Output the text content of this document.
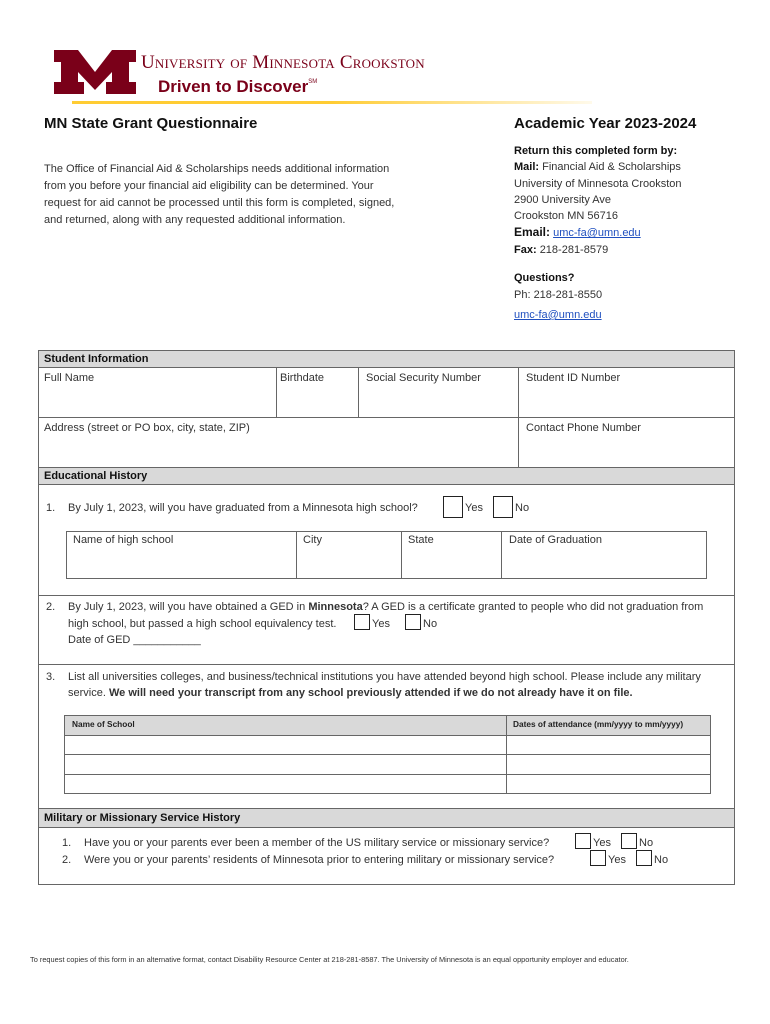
University of Minnesota Crookston
Driven to Discover℠
MN State Grant Questionnaire	Academic Year 2023-2024
The Office of Financial Aid & Scholarships needs additional information
from you before your financial aid eligibility can be determined. Your
request for aid cannot be processed until this form is completed, signed,
and returned, along with any requested additional information.
Return this completed form by:
Mail: Financial Aid & Scholarships
University of Minnesota Crookston
2900 University Ave
Crookston MN 56716
Email: umc-fa@umn.edu
Fax: 218-281-8579
Questions?
Ph: 218-281-8550
umc-fa@umn.edu
Student Information
Full Name	Birthdate	Social Security Number	Student ID Number
Address (street or PO box, city, state, ZIP)	Contact Phone Number
Educational History
1. By July 1, 2023, will you have graduated from a Minnesota high school?	Yes	No
Name of high school	City	State	Date of Graduation
2. By July 1, 2023, will you have obtained a GED in Minnesota? A GED is a certificate granted to people who did not graduation from
high school, but passed a high school equivalency test.	Yes	No
Date of GED ___________
3. List all universities colleges, and business/technical institutions you have attended beyond high school. Please include any military
service. We will need your transcript from any school previously attended if we do not already have it on file.
Name of School	Dates of attendance (mm/yyyy to mm/yyyy)
Military or Missionary Service History
1. Have you or your parents ever been a member of the US military service or missionary service?	Yes	No
2. Were you or your parents’ residents of Minnesota prior to entering military or missionary service?	Yes	No
To request copies of this form in an alternative format, contact Disability Resource Center at 218-281-8587. The University of Minnesota is an equal opportunity employer and educator.
